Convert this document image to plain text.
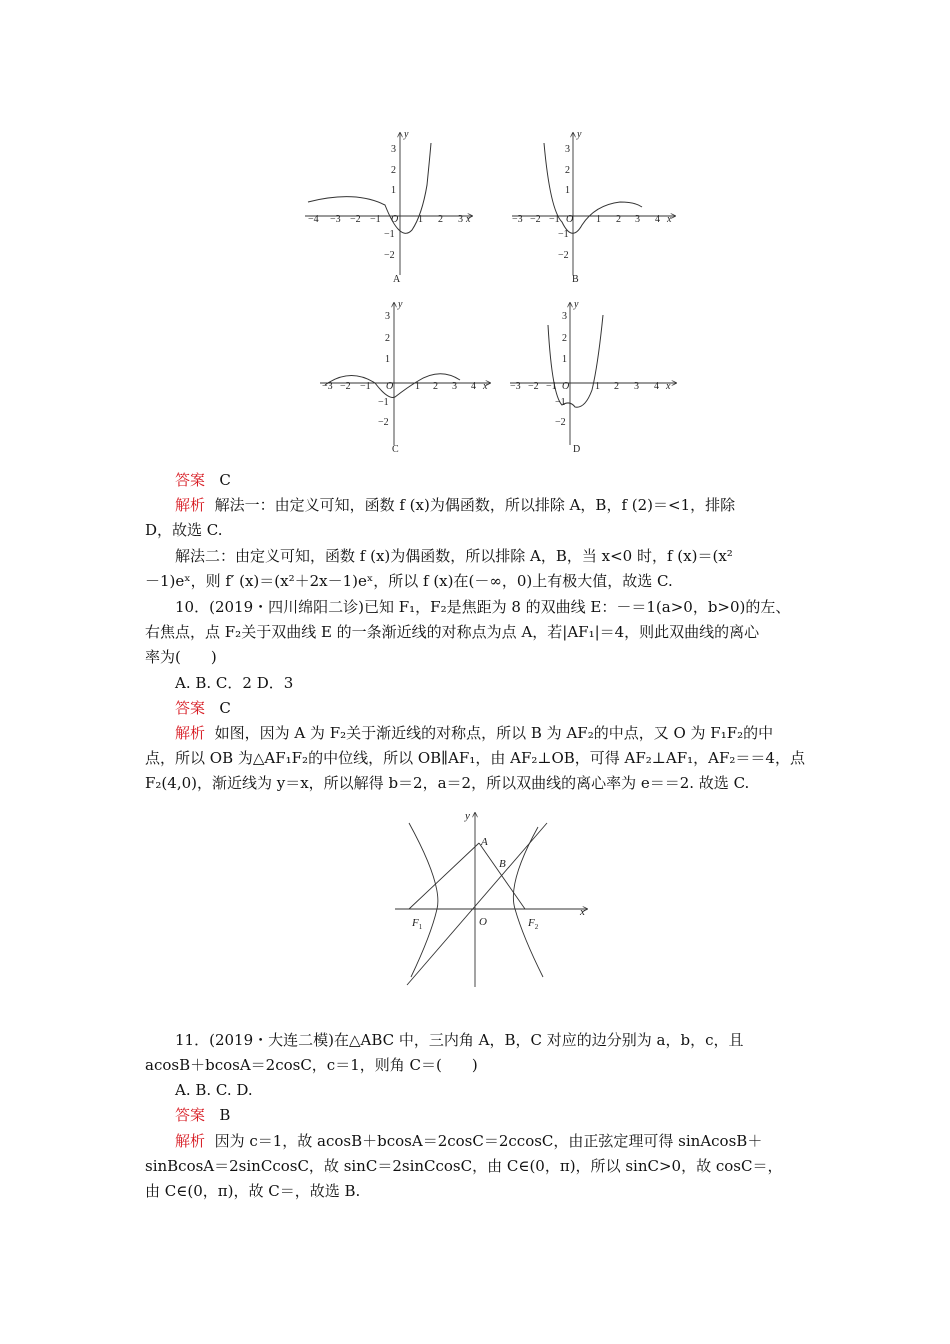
−4 −3 −2 −1	1 2 3 x
y
3
2
1
−1
−2
O	−3 −2 −1	1 2 3 4 x
y
3
2
1
−1
−2
O
−3 −2 −1	1 2 3 4 x
y
3
2
1
−1
−2
O	−3 −2 −1	1 2 3 4 x
y
3
2
1
−1
−2
O
A	B
C	D
答案 C
解析 解法一：由定义可知，函数 f (x)为偶函数，所以排除 A，B，f (2)＝<1，排除
D，故选 C.
解法二：由定义可知，函数 f (x)为偶函数，所以排除 A，B，当 x<0 时，f (x)＝(x²
－1)eˣ，则 f′ (x)＝(x²＋2x－1)eˣ，所以 f (x)在(－∞，0)上有极大值，故选 C.
10．(2019・四川绵阳二诊)已知 F₁，F₂是焦距为 8 的双曲线 E：－＝1(a>0，b>0)的左、
右焦点，点 F₂关于双曲线 E 的一条渐近线的对称点为点 A，若|AF₁|＝4，则此双曲线的离心
率为(　　)
A. B. C．2 D．3
答案 C
解析 如图，因为 A 为 F₂关于渐近线的对称点，所以 B 为 AF₂的中点，又 O 为 F₁F₂的中
点，所以 OB 为△AF₁F₂的中位线，所以 OB∥AF₁，由 AF₂⊥OB，可得 AF₂⊥AF₁，AF₂＝＝4，点
F₂(4,0)，渐近线为 y＝x，所以解得 b＝2，a＝2，所以双曲线的离心率为 e＝＝2. 故选 C.
A
B
$F_1$	$F_2$
O
x
y
11．(2019・大连二模)在△ABC 中，三内角 A，B，C 对应的边分别为 a，b，c，且
acosB＋bcosA＝2cosC，c＝1，则角 C＝(　　)
A. B. C. D.
答案 B
解析 因为 c＝1，故 acosB＋bcosA＝2cosC＝2ccosC，由正弦定理可得 sinAcosB＋
sinBcosA＝2sinCcosC，故 sinC＝2sinCcosC，由 C∈(0，π)，所以 sinC>0，故 cosC＝，
由 C∈(0，π)，故 C＝，故选 B.
